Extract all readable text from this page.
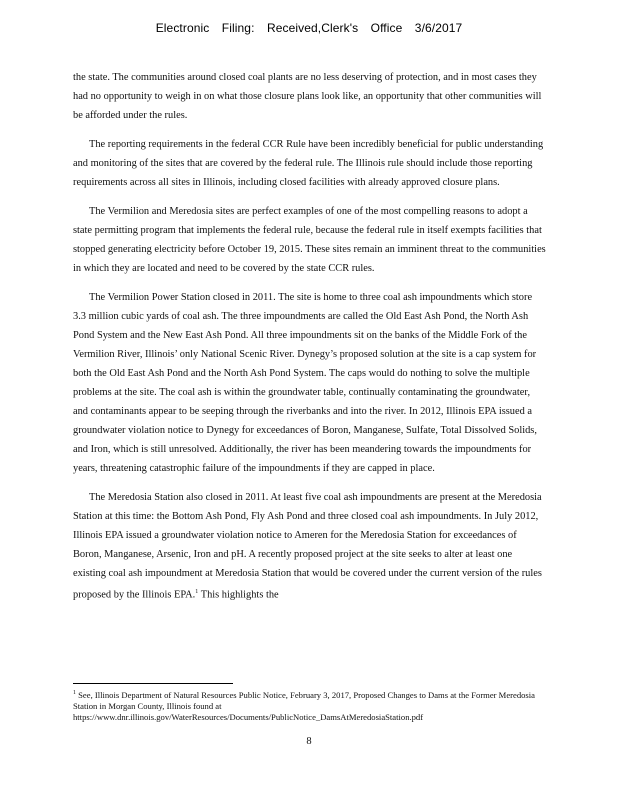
Electronic Filing: Received,Clerk's Office 3/6/2017

the state. The communities around closed coal plants are no less deserving of protection, and in most cases they had no opportunity to weigh in on what those closure plans look like, an opportunity that other communities will be afforded under the rules.

The reporting requirements in the federal CCR Rule have been incredibly beneficial for public understanding and monitoring of the sites that are covered by the federal rule. The Illinois rule should include those reporting requirements across all sites in Illinois, including closed facilities with already approved closure plans.

The Vermilion and Meredosia sites are perfect examples of one of the most compelling reasons to adopt a state permitting program that implements the federal rule, because the federal rule in itself exempts facilities that stopped generating electricity before October 19, 2015. These sites remain an imminent threat to the communities in which they are located and need to be covered by the state CCR rules.

The Vermilion Power Station closed in 2011. The site is home to three coal ash impoundments which store 3.3 million cubic yards of coal ash. The three impoundments are called the Old East Ash Pond, the North Ash Pond System and the New East Ash Pond. All three impoundments sit on the banks of the Middle Fork of the Vermilion River, Illinois’ only National Scenic River. Dynegy’s proposed solution at the site is a cap system for both the Old East Ash Pond and the North Ash Pond System. The caps would do nothing to solve the multiple problems at the site. The coal ash is within the groundwater table, continually contaminating the groundwater, and contaminants appear to be seeping through the riverbanks and into the river. In 2012, Illinois EPA issued a groundwater violation notice to Dynegy for exceedances of Boron, Manganese, Sulfate, Total Dissolved Solids, and Iron, which is still unresolved. Additionally, the river has been meandering towards the impoundments for years, threatening catastrophic failure of the impoundments if they are capped in place.

The Meredosia Station also closed in 2011. At least five coal ash impoundments are present at the Meredosia Station at this time: the Bottom Ash Pond, Fly Ash Pond and three closed coal ash impoundments. In July 2012, Illinois EPA issued a groundwater violation notice to Ameren for the Meredosia Station for exceedances of Boron, Manganese, Arsenic, Iron and pH. A recently proposed project at the site seeks to alter at least one existing coal ash impoundment at Meredosia Station that would be covered under the current version of the rules proposed by the Illinois EPA.$^1$ This highlights the

$^1$ See, Illinois Department of Natural Resources Public Notice, February 3, 2017, Proposed Changes to Dams at the Former Meredosia Station in Morgan County, Illinois found at https://www.dnr.illinois.gov/WaterResources/Documents/PublicNotice_DamsAtMeredosiaStation.pdf
8
